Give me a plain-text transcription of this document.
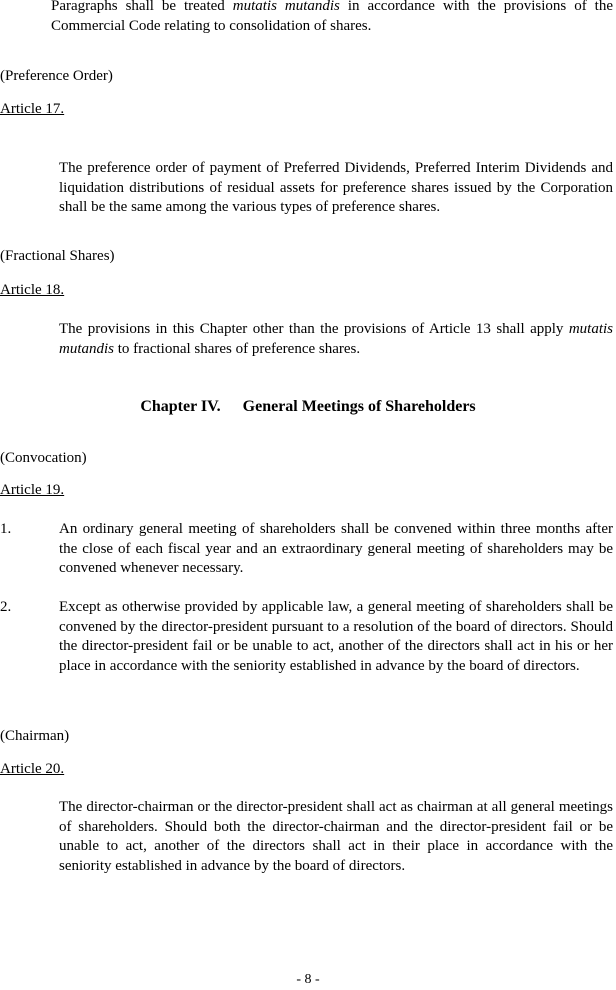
Paragraphs shall be treated mutatis mutandis in accordance with the provisions of the Commercial Code relating to consolidation of shares.

(Preference Order)
Article 17.

The preference order of payment of Preferred Dividends, Preferred Interim Dividends and liquidation distributions of residual assets for preference shares issued by the Corporation shall be the same among the various types of preference shares.

(Fractional Shares)
Article 18.

The provisions in this Chapter other than the provisions of Article 13 shall apply mutatis mutandis to fractional shares of preference shares.

Chapter IV. General Meetings of Shareholders
(Convocation)
Article 19.
1.	An ordinary general meeting of shareholders shall be convened within three months after the close of each fiscal year and an extraordinary general meeting of shareholders may be convened whenever necessary.

2.	Except as otherwise provided by applicable law, a general meeting of shareholders shall be convened by the director-president pursuant to a resolution of the board of directors. Should the director-president fail or be unable to act, another of the directors shall act in his or her place in accordance with the seniority established in advance by the board of directors.

(Chairman)
Article 20.

The director-chairman or the director-president shall act as chairman at all general meetings of shareholders. Should both the director-chairman and the director-president fail or be unable to act, another of the directors shall act in their place in accordance with the seniority established in advance by the board of directors.

- 8 -
